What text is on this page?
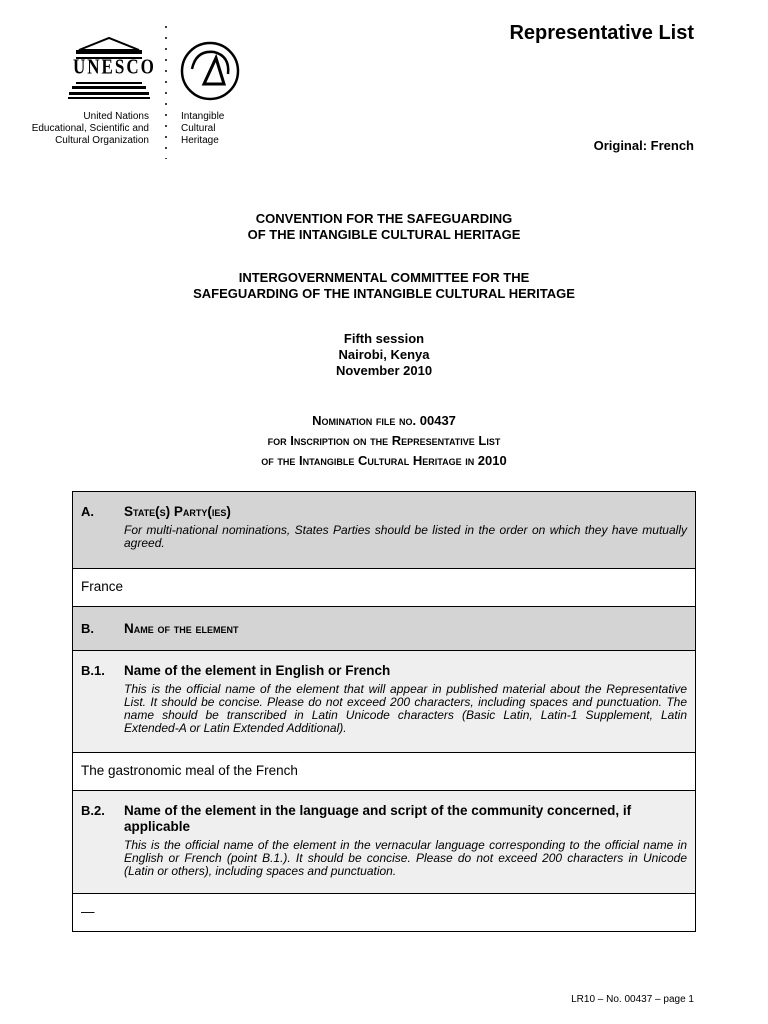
UNESCO
United Nations
Educational, Scientific and
Cultural Organization
Intangible
Cultural
Heritage
Representative List
Original: French
CONVENTION FOR THE SAFEGUARDING
OF THE INTANGIBLE CULTURAL HERITAGE
INTERGOVERNMENTAL COMMITTEE FOR THE
SAFEGUARDING OF THE INTANGIBLE CULTURAL HERITAGE
Fifth session
Nairobi, Kenya
November 2010
Nomination file no. 00437
for Inscription on the Representative List
of the Intangible Cultural Heritage in 2010
A.	State(s) Party(ies)
For multi-national nominations, States Parties should be listed in the order on which they have mutually agreed.
France
B.	Name of the element
B.1.	Name of the element in English or French
This is the official name of the element that will appear in published material about the Representative List. It should be concise. Please do not exceed 200 characters, including spaces and punctuation. The name should be transcribed in Latin Unicode characters (Basic Latin, Latin-1 Supplement, Latin Extended-A or Latin Extended Additional).
The gastronomic meal of the French
B.2.	Name of the element in the language and script of the community concerned, if applicable
This is the official name of the element in the vernacular language corresponding to the official name in English or French (point B.1.). It should be concise. Please do not exceed 200 characters in Unicode (Latin or others), including spaces and punctuation.
—
LR10 – No. 00437 – page 1
